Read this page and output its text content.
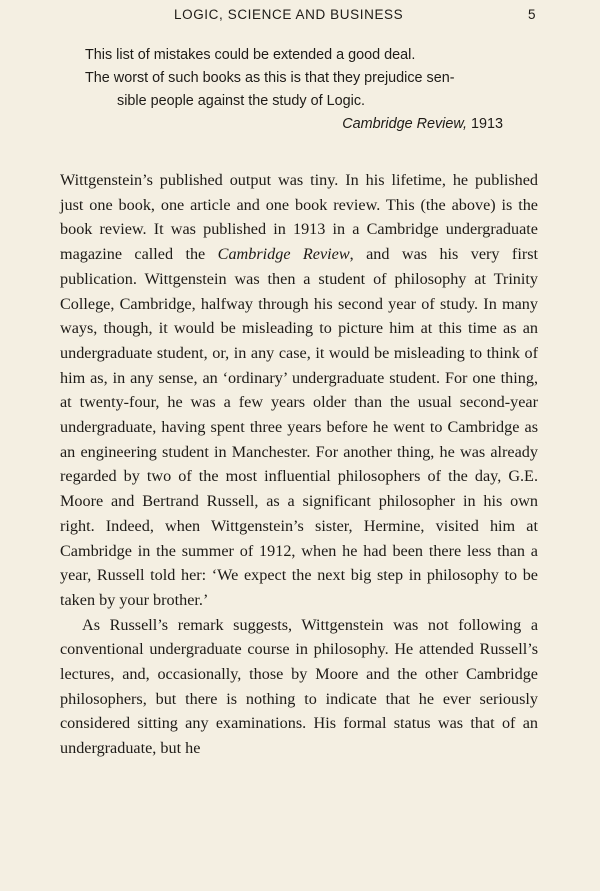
LOGIC, SCIENCE AND BUSINESS	5
This list of mistakes could be extended a good deal.
The worst of such books as this is that they prejudice sen-
sible people against the study of Logic.
Cambridge Review, 1913

Wittgenstein’s published output was tiny. In his lifetime, he published just one book, one article and one book review. This (the above) is the book review. It was published in 1913 in a Cambridge undergraduate magazine called the Cambridge Review, and was his very first publication. Wittgenstein was then a student of philosophy at Trinity College, Cambridge, halfway through his second year of study. In many ways, though, it would be misleading to picture him at this time as an undergraduate student, or, in any case, it would be misleading to think of him as, in any sense, an ‘ordinary’ undergraduate student. For one thing, at twenty-four, he was a few years older than the usual second-year undergraduate, having spent three years before he went to Cambridge as an engineering student in Manchester. For another thing, he was already regarded by two of the most influential philosophers of the day, G.E. Moore and Bertrand Russell, as a significant philosopher in his own right. Indeed, when Wittgenstein’s sister, Hermine, visited him at Cambridge in the summer of 1912, when he had been there less than a year, Russell told her: ‘We expect the next big step in philosophy to be taken by your brother.’

As Russell’s remark suggests, Wittgenstein was not following a conventional undergraduate course in philosophy. He attended Russell’s lectures, and, occasionally, those by Moore and the other Cambridge philosophers, but there is nothing to indicate that he ever seriously considered sitting any examinations. His formal status was that of an undergraduate, but he
